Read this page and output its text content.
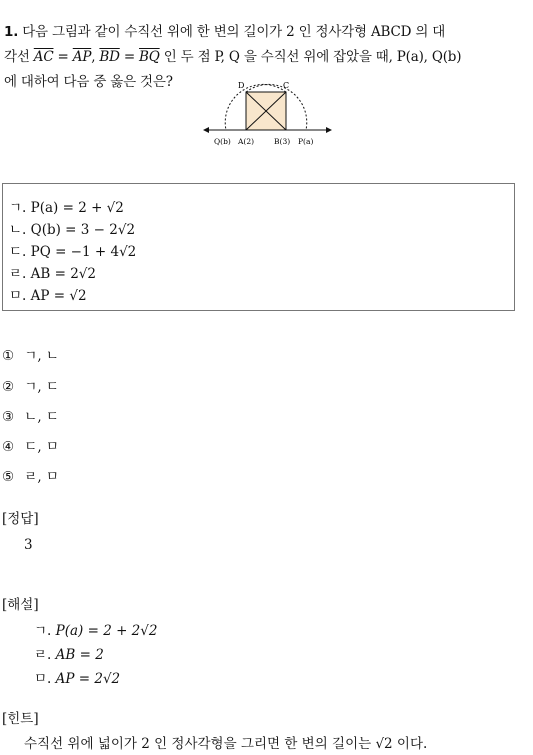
1. 다음 그림과 같이 수직선 위에 한 변의 길이가 2 인 정사각형 ABCD 의 대
각선 $\overline{AC} = \overline{AP}$, $\overline{BD} = \overline{BQ}$ 인 두 점 P, Q 을 수직선 위에 잡았을 때, P(a), Q(b)
에 대하여 다음 중 옳은 것은?	D	C
Q(b) A(2)	B(3) P(a)
ㄱ. P(a) = 2 + √2
ㄴ. Q(b) = 3 − 2√2
ㄷ. PQ = −1 + 4√2
ㄹ. AB = 2√2
ㅁ. AP = √2
① ㄱ, ㄴ
② ㄱ, ㄷ
③ ㄴ, ㄷ
④ ㄷ, ㅁ
⑤ ㄹ, ㅁ
[정답]
3
[해설]
ㄱ. P(a) = 2 + 2√2
ㄹ. AB = 2
ㅁ. AP = 2√2
[힌트]
수직선 위에 넓이가 2 인 정사각형을 그리면 한 변의 길이는 √2 이다.
